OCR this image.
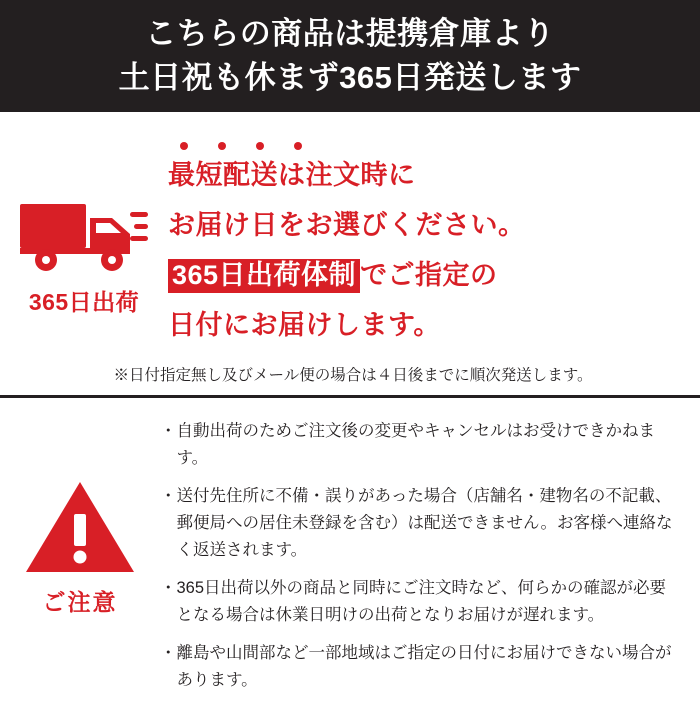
こちらの商品は提携倉庫より
土日祝も休まず365日発送します
365日出荷
最短配送は注文時に
お届け日をお選びください。
365日出荷体制 でご指定の
日付にお届けします。
※日付指定無し及びメール便の場合は４日後までに順次発送します。
ご注意
・ 自動出荷のためご注文後の変更やキャンセルはお受けできかねます。
・ 送付先住所に不備・誤りがあった場合（店舗名・建物名の不記載、郵便局への居住未登録を含む）は配送できません。お客様へ連絡なく返送されます。
・ 365日出荷以外の商品と同時にご注文時など、何らかの確認が必要となる場合は休業日明けの出荷となりお届けが遅れます。
・ 離島や山間部など一部地域はご指定の日付にお届けできない場合があります。
